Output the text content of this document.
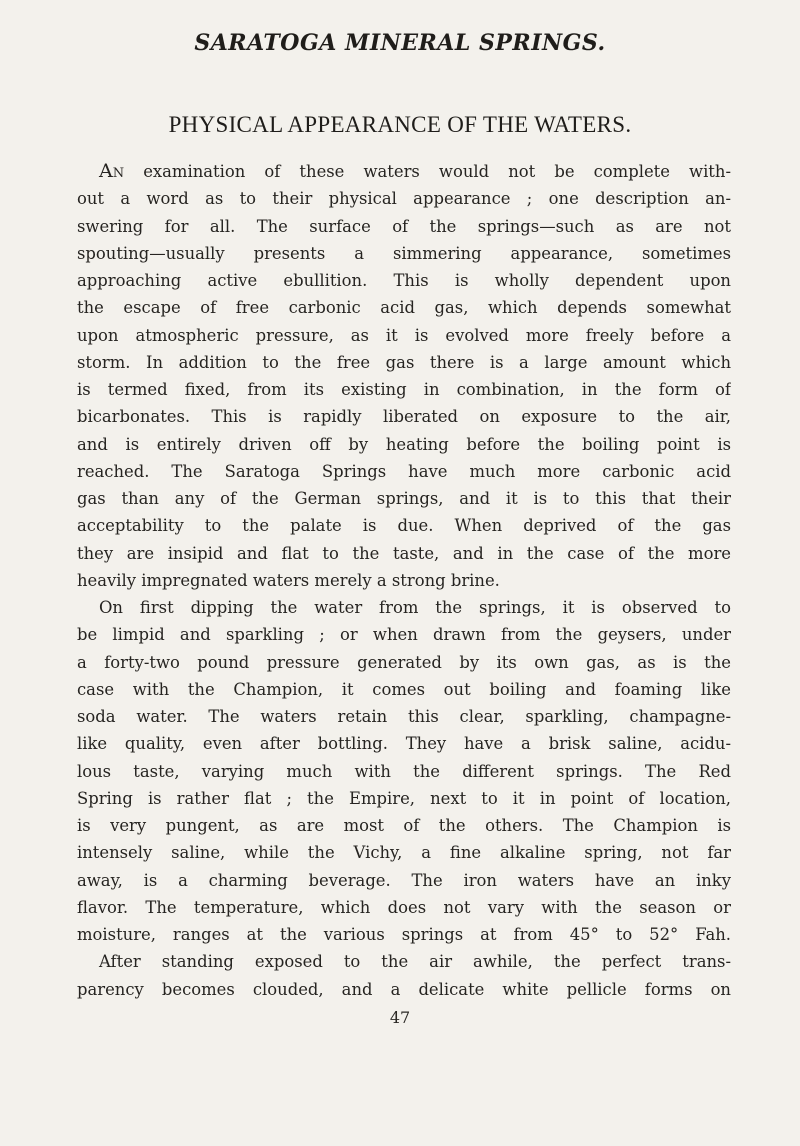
SARATOGA MINERAL SPRINGS.
PHYSICAL APPEARANCE OF THE WATERS.
An examination of these waters would not be complete with-
out a word as to their physical appearance ; one description an-
swering for all. The surface of the springs—such as are not
spouting—usually presents a simmering appearance, sometimes
approaching active ebullition. This is wholly dependent upon
the escape of free carbonic acid gas, which depends somewhat
upon atmospheric pressure, as it is evolved more freely before a
storm. In addition to the free gas there is a large amount which
is termed fixed, from its existing in combination, in the form of
bicarbonates. This is rapidly liberated on exposure to the air,
and is entirely driven off by heating before the boiling point is
reached. The Saratoga Springs have much more carbonic acid
gas than any of the German springs, and it is to this that their
acceptability to the palate is due. When deprived of the gas
they are insipid and flat to the taste, and in the case of the more
heavily impregnated waters merely a strong brine.
On first dipping the water from the springs, it is observed to
be limpid and sparkling ; or when drawn from the geysers, under
a forty-two pound pressure generated by its own gas, as is the
case with the Champion, it comes out boiling and foaming like
soda water. The waters retain this clear, sparkling, champagne-
like quality, even after bottling. They have a brisk saline, acidu-
lous taste, varying much with the different springs. The Red
Spring is rather flat ; the Empire, next to it in point of location,
is very pungent, as are most of the others. The Champion is
intensely saline, while the Vichy, a fine alkaline spring, not far
away, is a charming beverage. The iron waters have an inky
flavor. The temperature, which does not vary with the season or
moisture, ranges at the various springs at from 45° to 52° Fah.
After standing exposed to the air awhile, the perfect trans-
parency becomes clouded, and a delicate white pellicle forms on
47
